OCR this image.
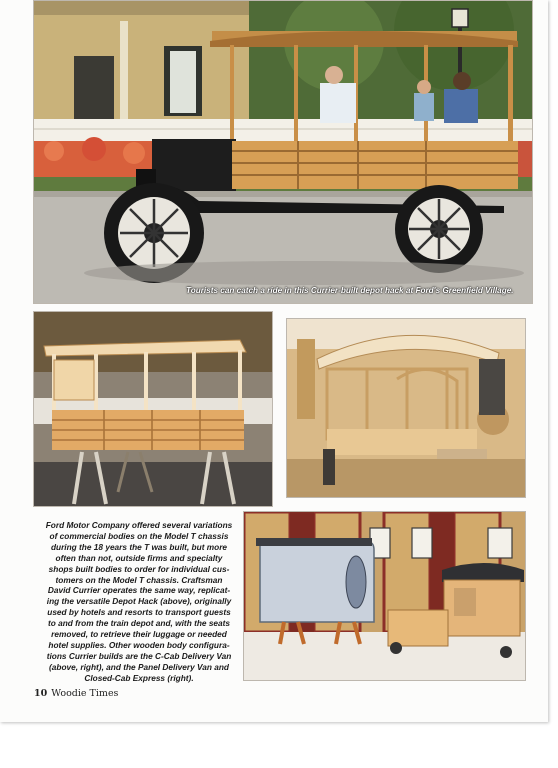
Tourists can catch a ride in this Currier-built depot hack at Ford's Greenfield Village.
Ford Motor Company offered several variations
of commercial bodies on the Model T chassis
during the 18 years the T was built, but more
often than not, outside firms and specialty
shops built bodies to order for individual cus-
tomers on the Model T chassis. Craftsman
David Currier operates the same way, replicat-
ing the versatile Depot Hack (above), originally
used by hotels and resorts to transport guests
to and from the train depot and, with the seats
removed, to retrieve their luggage or needed
hotel supplies. Other wooden body configura-
tions Currier builds are the C-Cab Delivery Van
(above, right), and the Panel Delivery Van and
Closed-Cab Express (right).
10 Woodie Times
